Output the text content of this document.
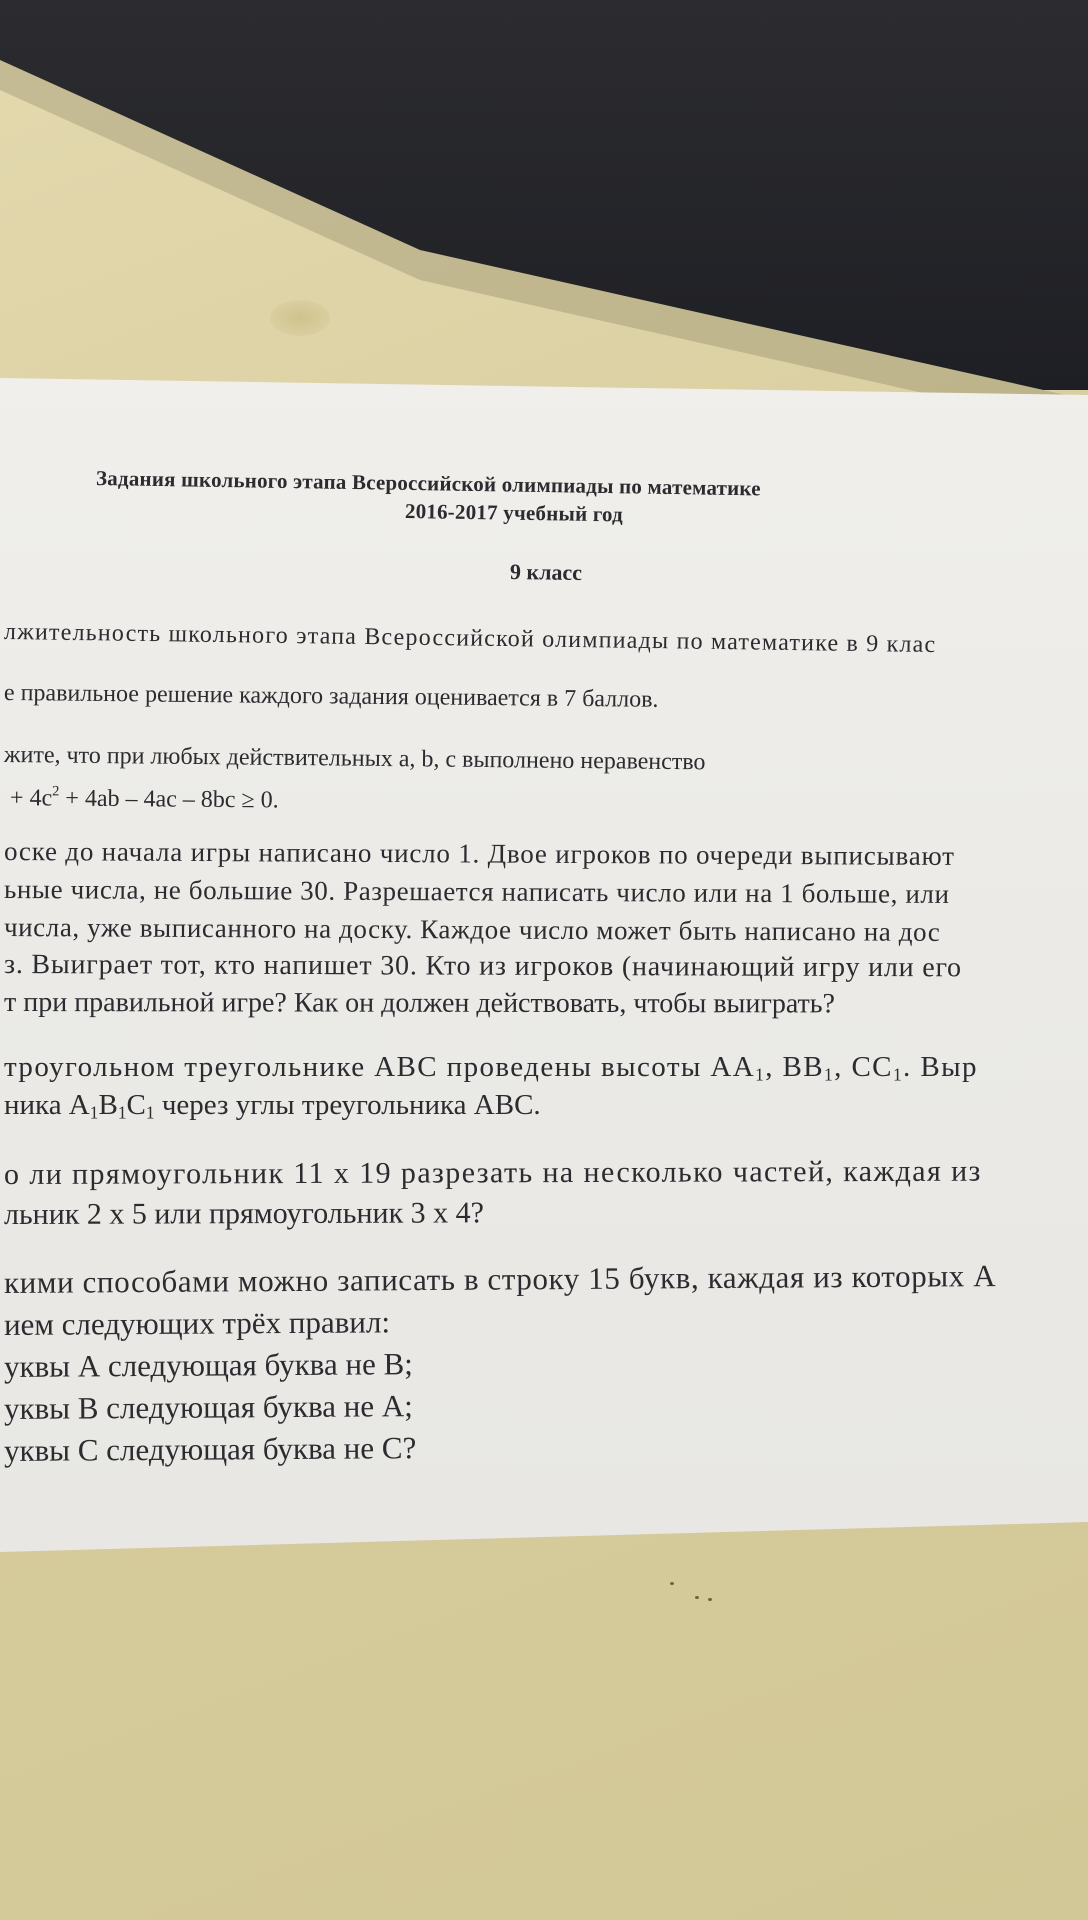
Задания школьного этапа Всероссийской олимпиады по математике
2016-2017 учебный год
9 класс
лжительность школьного этапа Всероссийской олимпиады по математике в 9 клас
е правильное решение каждого задания оценивается в 7 баллов.
жите, что при любых действительных a, b, с выполнено неравенство
+ $4c^2 + 4ab - 4ac - 8bc \ge 0$.
оске до начала игры написано число 1. Двое игроков по очереди выписывают
ьные числа, не большие 30. Разрешается написать число или на 1 больше, или
числа, уже выписанного на доску. Каждое число может быть написано на дос
з. Выиграет тот, кто напишет 30. Кто из игроков (начинающий игру или его
т при правильной игре? Как он должен действовать, чтобы выиграть?
троугольном треугольнике АВС проведены высоты $АА_1$, $ВВ_1$, $СС_1$. Выр
ника $А_1В_1С_1$ через углы треугольника АВС.
о ли прямоугольник 11 x 19 разрезать на несколько частей, каждая из
льник 2 x 5 или прямоугольник 3 x 4?
кими способами можно записать в строку 15 букв, каждая из которых А
ием следующих трёх правил:
уквы А следующая буква не В;
уквы В следующая буква не А;
уквы С следующая буква не С?
